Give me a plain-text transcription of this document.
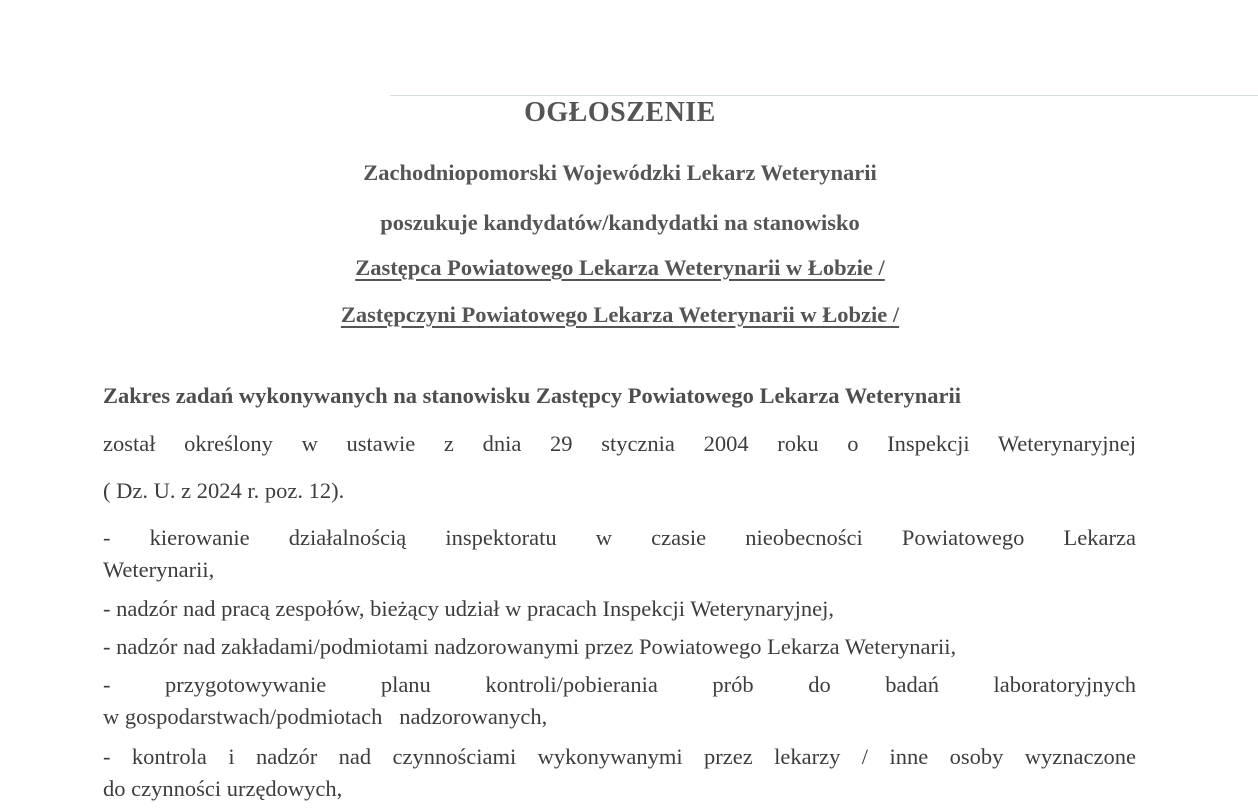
OGŁOSZENIE
Zachodniopomorski Wojewódzki Lekarz Weterynarii
poszukuje kandydatów/kandydatki na stanowisko
Zastępca Powiatowego Lekarza Weterynarii w Łobzie /
Zastępczyni Powiatowego Lekarza Weterynarii w Łobzie /
Zakres zadań wykonywanych na stanowisku Zastępcy Powiatowego Lekarza Weterynarii
został określony w ustawie z dnia 29 stycznia 2004 roku o Inspekcji Weterynaryjnej
( Dz. U. z 2024 r. poz. 12).
- kierowanie działalnością inspektoratu w czasie nieobecności Powiatowego Lekarza
Weterynarii,
- nadzór nad pracą zespołów, bieżący udział w pracach Inspekcji Weterynaryjnej,
- nadzór nad zakładami/podmiotami nadzorowanymi przez Powiatowego Lekarza Weterynarii,
- przygotowywanie planu kontroli/pobierania prób do badań laboratoryjnych
w gospodarstwach/podmiotach   nadzorowanych,
- kontrola i nadzór nad czynnościami wykonywanymi przez lekarzy / inne osoby wyznaczone
do czynności urzędowych,
